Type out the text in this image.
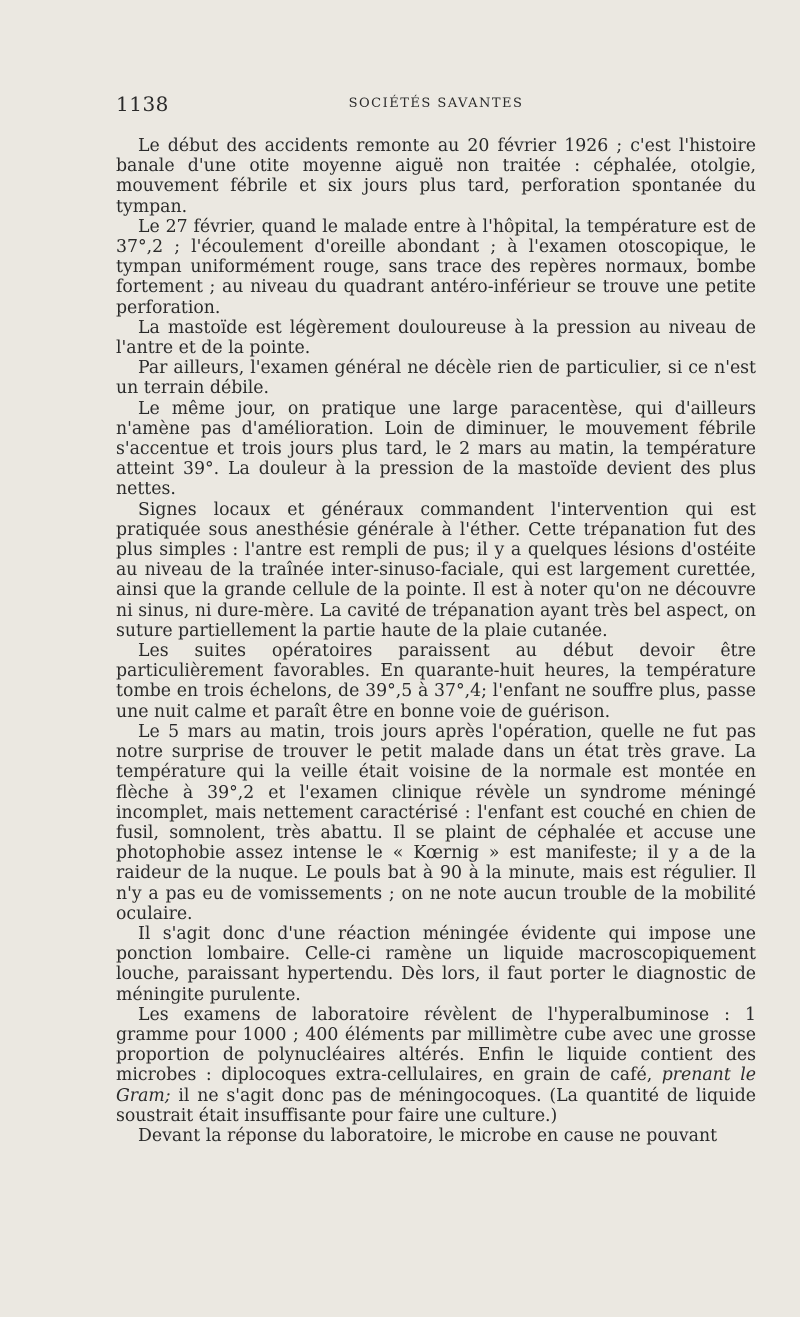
1138	SOCIÉTÉS SAVANTES

Le début des accidents remonte au 20 février 1926 ; c'est l'histoire banale d'une otite moyenne aiguë non traitée : céphalée, otolgie, mouvement fébrile et six jours plus tard, perforation spontanée du tympan.

Le 27 février, quand le malade entre à l'hôpital, la température est de 37°,2 ; l'écoulement d'oreille abondant ; à l'examen otoscopique, le tympan uniformément rouge, sans trace des repères normaux, bombe fortement ; au niveau du quadrant antéro-inférieur se trouve une petite perforation.

La mastoïde est légèrement douloureuse à la pression au niveau de l'antre et de la pointe.

Par ailleurs, l'examen général ne décèle rien de particulier, si ce n'est un terrain débile.

Le même jour, on pratique une large paracentèse, qui d'ailleurs n'amène pas d'amélioration. Loin de diminuer, le mouvement fébrile s'accentue et trois jours plus tard, le 2 mars au matin, la température atteint 39°. La douleur à la pression de la mastoïde devient des plus nettes.

Signes locaux et généraux commandent l'intervention qui est pratiquée sous anesthésie générale à l'éther. Cette trépanation fut des plus simples : l'antre est rempli de pus; il y a quelques lésions d'ostéite au niveau de la traînée inter-sinuso-faciale, qui est largement curettée, ainsi que la grande cellule de la pointe. Il est à noter qu'on ne découvre ni sinus, ni dure-mère. La cavité de trépanation ayant très bel aspect, on suture partiellement la partie haute de la plaie cutanée.

Les suites opératoires paraissent au début devoir être particulièrement favorables. En quarante-huit heures, la température tombe en trois échelons, de 39°,5 à 37°,4; l'enfant ne souffre plus, passe une nuit calme et paraît être en bonne voie de guérison.

Le 5 mars au matin, trois jours après l'opération, quelle ne fut pas notre surprise de trouver le petit malade dans un état très grave. La température qui la veille était voisine de la normale est montée en flèche à 39°,2 et l'examen clinique révèle un syndrome méningé incomplet, mais nettement caractérisé : l'enfant est couché en chien de fusil, somnolent, très abattu. Il se plaint de céphalée et accuse une photophobie assez intense le « Kœrnig » est manifeste; il y a de la raideur de la nuque. Le pouls bat à 90 à la minute, mais est régulier. Il n'y a pas eu de vomissements ; on ne note aucun trouble de la mobilité oculaire.

Il s'agit donc d'une réaction méningée évidente qui impose une ponction lombaire. Celle-ci ramène un liquide macroscopiquement louche, paraissant hypertendu. Dès lors, il faut porter le diagnostic de méningite purulente.

Les examens de laboratoire révèlent de l'hyperalbuminose : 1 gramme pour 1000 ; 400 éléments par millimètre cube avec une grosse proportion de polynucléaires altérés. Enfin le liquide contient des microbes : diplocoques extra-cellulaires, en grain de café, prenant le Gram; il ne s'agit donc pas de méningocoques. (La quantité de liquide soustrait était insuffisante pour faire une culture.)

Devant la réponse du laboratoire, le microbe en cause ne pouvant
